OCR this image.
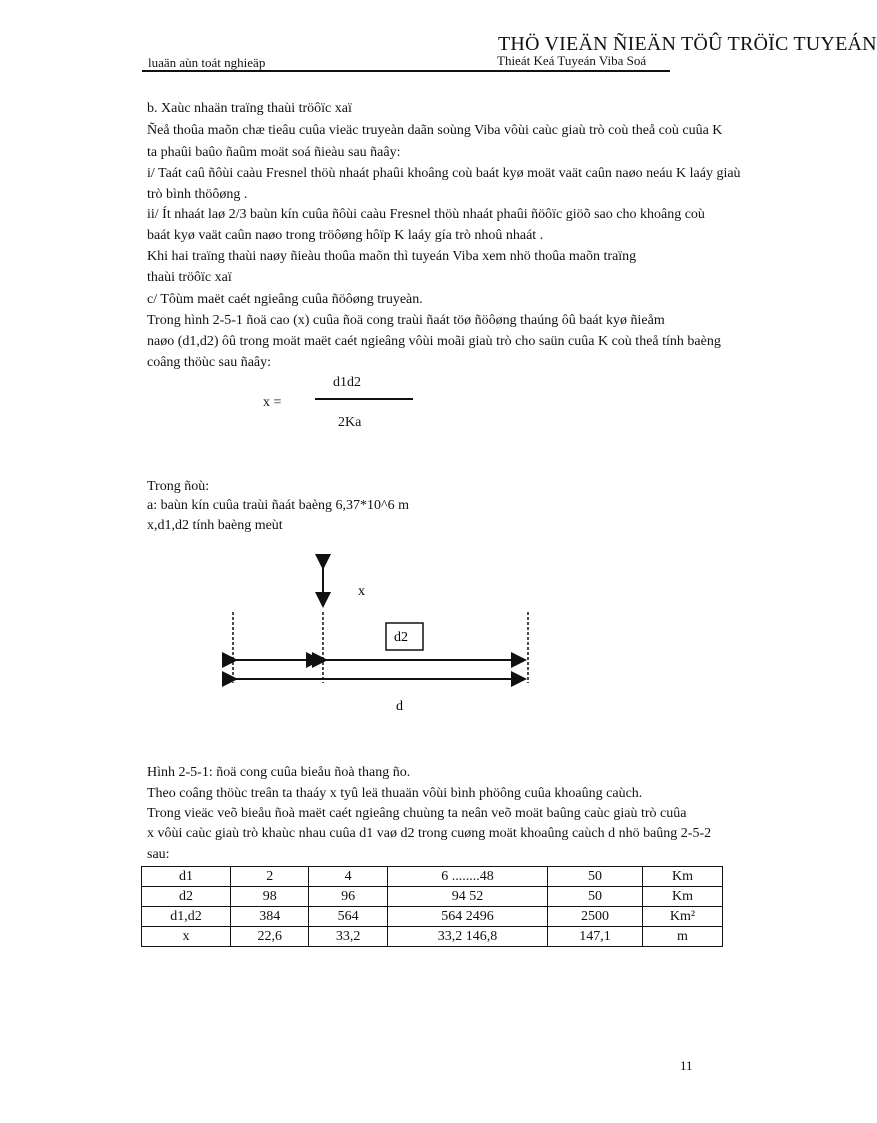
THÖ VIEÄN ÑIEÄN TÖÛ TRÖÏC TUYEÁN
luaän aùn toát nghieäp	Thieát Keá Tuyeán Viba Soá
b. Xaùc nhaän traïng thaùi tröôïc xaï
Ñeå thoûa maõn chæ tieâu cuûa vieäc truyeàn daãn soùng Viba vôùi caùc giaù trò coù theå coù cuûa K
ta phaûi baûo ñaûm moät soá ñieàu sau ñaây:
i/ Taát caû ñôùi caàu Fresnel thöù nhaát phaûi khoâng coù baát kyø moät vaät caûn naøo neáu K laáy giaù
trò bình thöôøng .
ii/ Ít nhaát laø 2/3 baùn kín cuûa ñôùi caàu Fresnel thöù nhaát phaûi ñöôïc giöõ sao cho khoâng coù
baát kyø vaät caûn naøo trong tröôøng hôïp K laáy gía trò nhoû nhaát .
Khi hai traïng thaùi naøy ñieàu thoûa maõn thì tuyeán Viba xem nhö thoûa maõn traïng
thaùi tröôïc xaï
c/ Tôùm maët caét ngieâng cuûa ñöôøng truyeàn.
Trong hình 2-5-1 ñoä cao (x) cuûa ñoä cong traùi ñaát töø ñöôøng thaúng ôû baát kyø ñieåm
naøo (d1,d2) ôû trong moät maët caét ngieâng vôùi moãi giaù trò cho saün cuûa K coù theå tính baèng
coâng thöùc sau ñaây:
d1d2
x =
2Ka
Trong ñoù:
a: baùn kín cuûa traùi ñaát baèng 6,37*10^6 m
x,d1,d2 tính baèng meùt
x
d2
d
Hình 2-5-1: ñoä cong cuûa bieåu ñoà thang ño.
Theo coâng thöùc treân ta thaáy x tyû leä thuaän vôùi bình phöông cuûa khoaûng caùch.
Trong vieäc veõ bieåu ñoà maët caét ngieâng chuùng ta neân veõ moät baûng caùc giaù trò cuûa
x vôùi caùc giaù trò khaùc nhau cuûa d1 vaø d2 trong cuøng moät khoaûng caùch d nhö baûng 2-5-2
sau:
d1	2	4	6 ........48	50	Km
d2	98	96	94 52	50	Km
d1,d2	384	564	564 2496	2500	Km²
x	22,6	33,2	33,2 146,8	147,1	m
11
